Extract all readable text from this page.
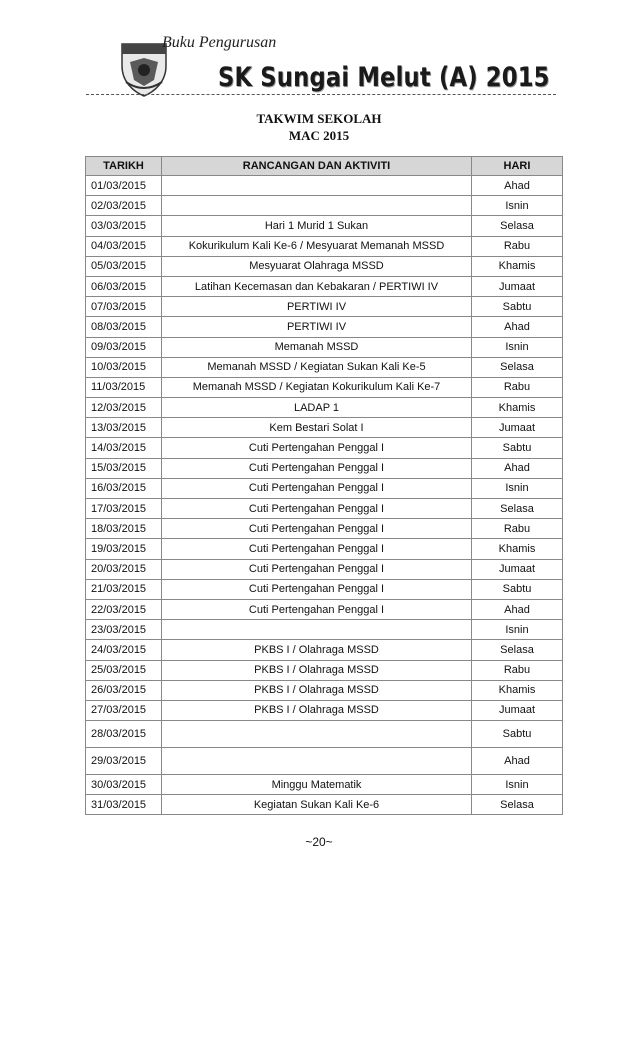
Buku Pengurusan
SK Sungai Melut (A) 2015
TAKWIM SEKOLAH
MAC 2015
TARIKH	RANCANGAN DAN AKTIVITI	HARI
01/03/2015		Ahad
02/03/2015		Isnin
03/03/2015	Hari 1 Murid 1 Sukan	Selasa
04/03/2015	Kokurikulum Kali Ke-6 / Mesyuarat Memanah MSSD	Rabu
05/03/2015	Mesyuarat Olahraga MSSD	Khamis
06/03/2015	Latihan Kecemasan dan Kebakaran / PERTIWI IV	Jumaat
07/03/2015	PERTIWI IV	Sabtu
08/03/2015	PERTIWI IV	Ahad
09/03/2015	Memanah MSSD	Isnin
10/03/2015	Memanah MSSD / Kegiatan Sukan Kali Ke-5	Selasa
11/03/2015	Memanah MSSD / Kegiatan Kokurikulum Kali Ke-7	Rabu
12/03/2015	LADAP 1	Khamis
13/03/2015	Kem Bestari Solat I	Jumaat
14/03/2015	Cuti Pertengahan Penggal I	Sabtu
15/03/2015	Cuti Pertengahan Penggal I	Ahad
16/03/2015	Cuti Pertengahan Penggal I	Isnin
17/03/2015	Cuti Pertengahan Penggal I	Selasa
18/03/2015	Cuti Pertengahan Penggal I	Rabu
19/03/2015	Cuti Pertengahan Penggal I	Khamis
20/03/2015	Cuti Pertengahan Penggal I	Jumaat
21/03/2015	Cuti Pertengahan Penggal I	Sabtu
22/03/2015	Cuti Pertengahan Penggal I	Ahad
23/03/2015		Isnin
24/03/2015	PKBS I / Olahraga MSSD	Selasa
25/03/2015	PKBS I / Olahraga MSSD	Rabu
26/03/2015	PKBS I / Olahraga MSSD	Khamis
27/03/2015	PKBS I / Olahraga MSSD	Jumaat
28/03/2015		Sabtu
29/03/2015		Ahad
30/03/2015	Minggu Matematik	Isnin
31/03/2015	Kegiatan Sukan Kali Ke-6	Selasa
~20~
